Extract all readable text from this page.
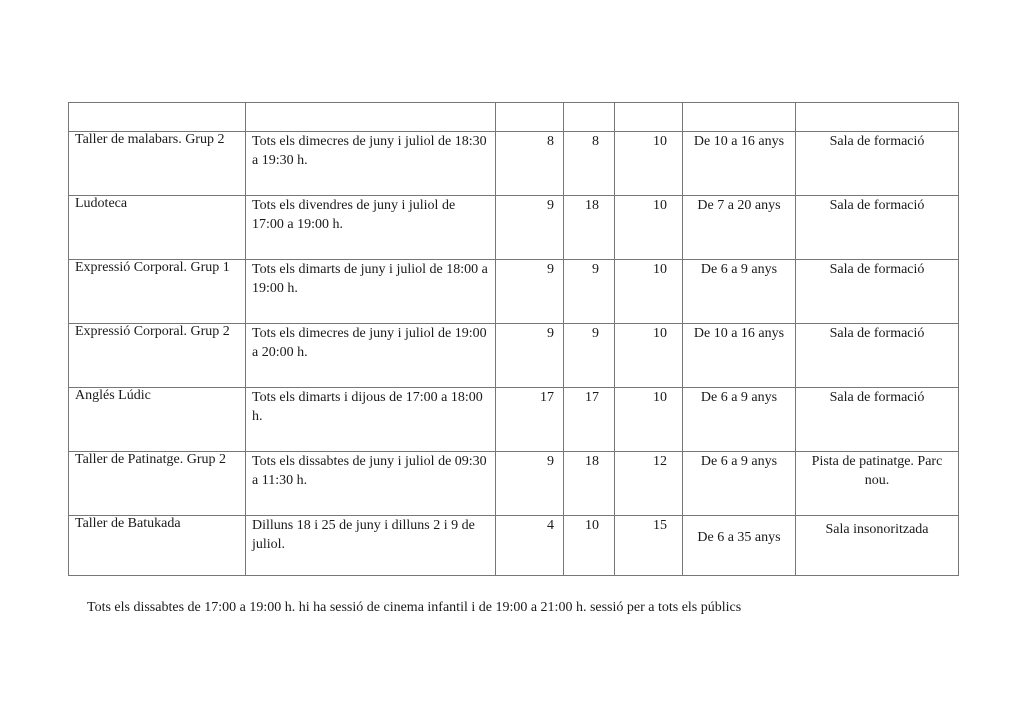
Taller de malabars. Grup 2	Tots els dimecres de juny i juliol de 18:30 a 19:30 h.	8	8	10	De 10 a 16 anys	Sala de formació

Ludoteca	Tots els divendres de juny i juliol de 17:00 a 19:00 h.	9	18	10	De 7 a 20 anys	Sala de formació

Expressió Corporal. Grup 1	Tots els dimarts de juny i juliol de 18:00 a 19:00 h.	9	9	10	De 6 a 9 anys	Sala de formació

Expressió Corporal. Grup 2	Tots els dimecres de juny i juliol de 19:00 a 20:00 h.	9	9	10	De 10 a 16 anys	Sala de formació

Anglés Lúdic	Tots els dimarts i dijous de 17:00 a 18:00 h.	17	17	10	De 6 a 9 anys	Sala de formació

Taller de Patinatge. Grup 2	Tots els dissabtes de juny i juliol de 09:30 a 11:30 h.	9	18	12	De 6 a 9 anys	Pista de patinatge. Parc nou.

Taller de Batukada	Dilluns 18 i 25 de juny i dilluns 2 i 9 de juliol.	4	10	15	De 6 a 35 anys	Sala insonoritzada
Tots els dissabtes de 17:00 a 19:00 h. hi ha sessió de cinema infantil i de 19:00 a 21:00 h. sessió per a tots els públics
